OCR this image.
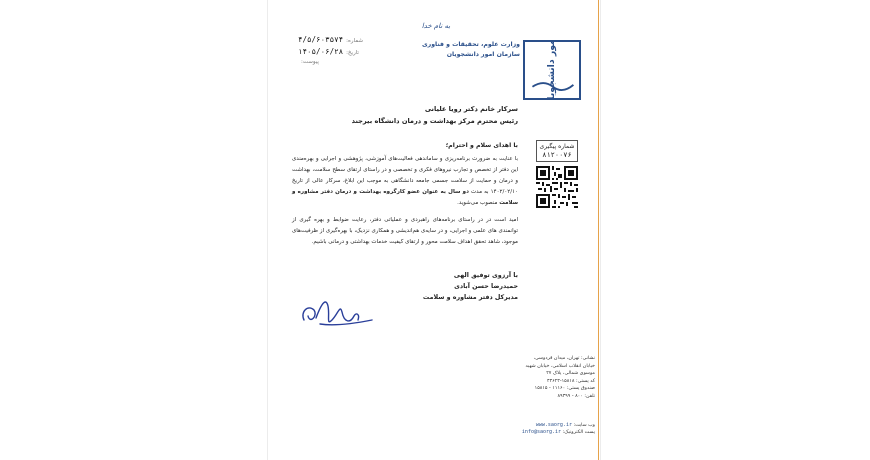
به نام خدا
وزارت علوم، تحقیقات و فناوری
سازمان امور دانشجویان
شماره:
۴/۵/۶۰۳۵۷۴
تاریخ:
۱۴۰۵/۰۶/۲۸
پیوست:	امور دانشجویان
سرکار خانم دکتر رویا علیانی
رئیس محترم مرکز بهداشت و درمان دانشگاه بیرجند
شماره پیگیری
۸۱۲۰۰۷۶

با اهدای سلام و احترام؛

با عنایت به ضرورت برنامه‌ریزی و ساماندهی فعالیت‌های آموزشی، پژوهشی و اجرایی و بهره‌مندی این دفتر از تخصص و تجارب نیروهای فکری و تخصصی و در راستای ارتقای سطح سلامت، بهداشت و درمان و حمایت از سلامت جسمی جامعه دانشگاهی به موجب این ابلاغ، سرکار عالی از تاریخ ۱۴۰۲/۰۲/۱۰ به مدت دو سال به عنوان عضو کارگروه بهداشت و درمان دفتر مشاوره و سلامت منصوب می‌شوید.

امید است در در راستای برنامه‌های راهبردی و عملیاتی دفتر، رعایت ضوابط و بهره گیری از توانمندی های علمی و اجرایی، و در سایه‌ی هم‌اندیشی و همکاری نزدیک، با بهره‌گیری از ظرفیت‌های موجود، شاهد تحقق اهداف سلامت محور و ارتقای کیفیت خدمات بهداشتی و درمانی باشیم.

با آرزوی توفیق الهی
حمیدرضا حسن آبادی
مدیرکل دفتر مشاوره و سلامت
نشانی: تهران، میدان فردوسی، خیابان انقلاب اسلامی، خیابان شهید موسوی شمالی، پلاک ۲۷
کد پستی: ۱۵۸۱۸-۴۳۶۲۳
صندوق پستی: ۱۱۱۶۰ - ۱۵۸۱۵
تلفن: ۸۰۰ - ۸۹۳۹۹
وب سایت: www.saorg.ir
پست الکترونیک: info@saorg.ir
